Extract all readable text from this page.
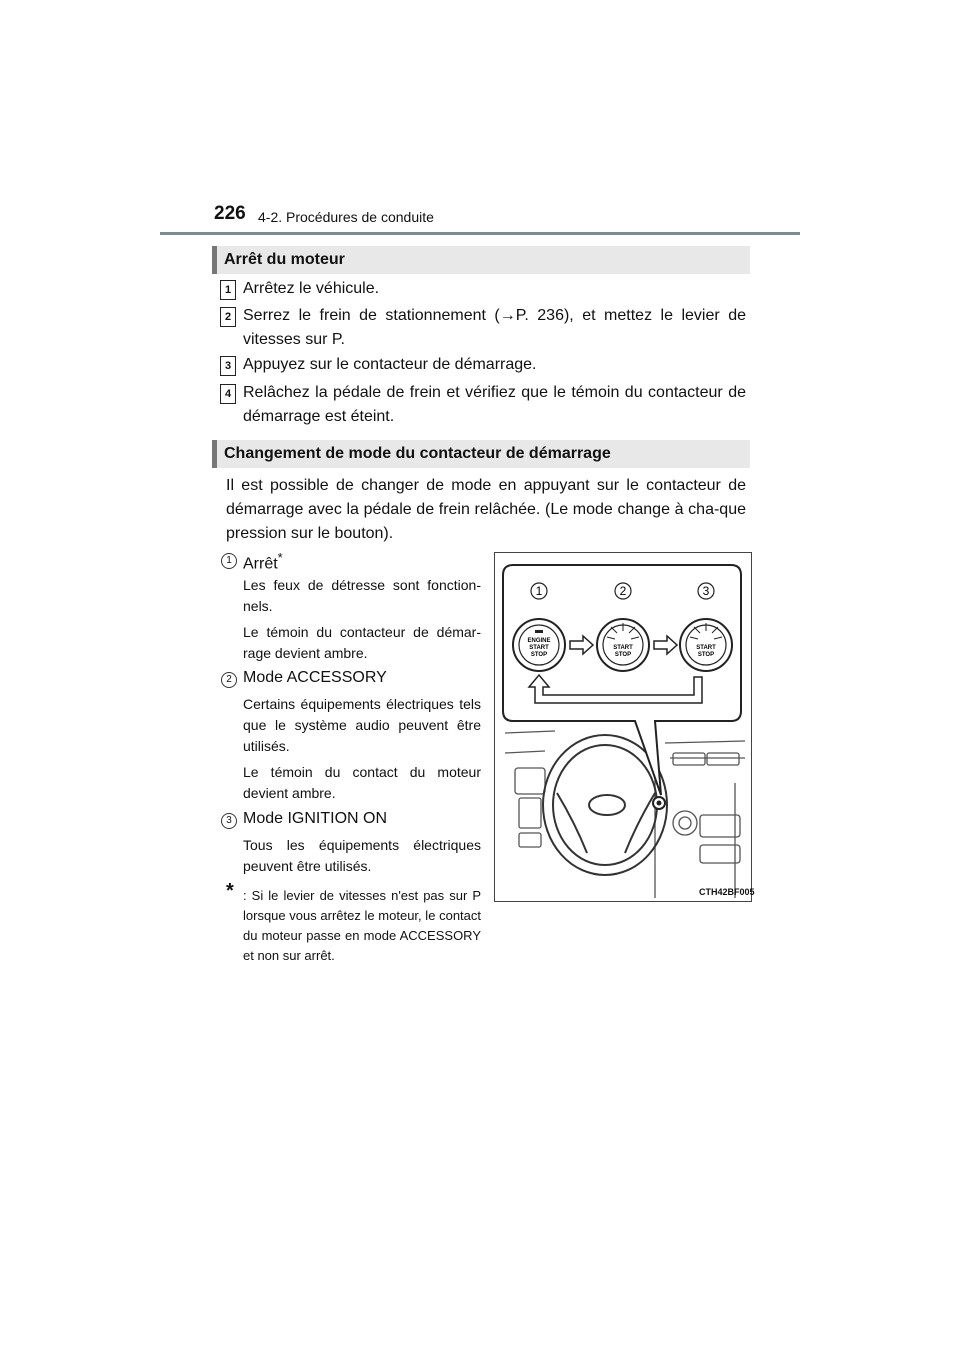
226 4-2. Procédures de conduite
Arrêt du moteur
1 Arrêtez le véhicule.
2 Serrez le frein de stationnement (→P. 236), et mettez le levier de vitesses sur P.
3 Appuyez sur le contacteur de démarrage.
4 Relâchez la pédale de frein et vérifiez que le témoin du contacteur de démarrage est éteint.
Changement de mode du contacteur de démarrage
Il est possible de changer de mode en appuyant sur le contacteur de démarrage avec la pédale de frein relâchée. (Le mode change à cha-que pression sur le bouton).
1 Arrêt*
Les feux de détresse sont fonction-nels.
Le témoin du contacteur de démar-rage devient ambre.
2 Mode ACCESSORY
Certains équipements électriques tels que le système audio peuvent être utilisés.
Le témoin du contact du moteur devient ambre.
3 Mode IGNITION ON
Tous les équipements électriques peuvent être utilisés.
* : Si le levier de vitesses n'est pas sur P lorsque vous arrêtez le moteur, le contact du moteur passe en mode ACCESSORY et non sur arrêt.
1	2	3
ENGINE
START
STOP
START
STOP
START
STOP
CTH42BF005
